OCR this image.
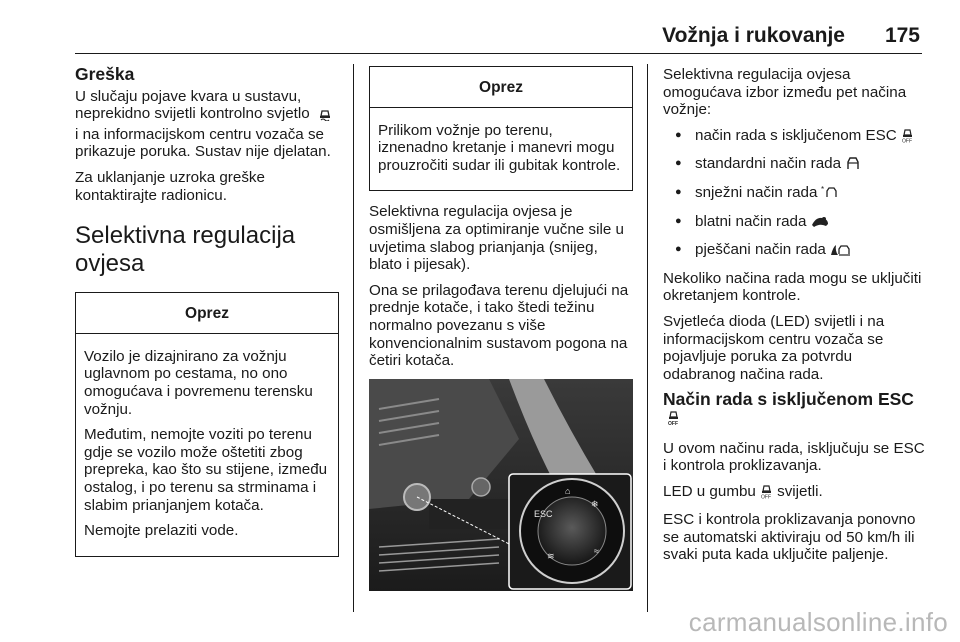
Vožnja i rukovanje 175
Greška

U slučaju pojave kvara u sustavu, neprekidno svijetli kontrolno svjetlo  i na informacijskom centru vozača se prikazuje poruka. Sustav nije djelatan.

Za uklanjanje uzroka greške kontaktirajte radionicu.

Selektivna regulacija ovjesa
Oprez

Vozilo je dizajnirano za vožnju uglavnom po cestama, no ono omogućava i povremenu terensku vožnju.

Međutim, nemojte voziti po terenu gdje se vozilo može oštetiti zbog prepreka, kao što su stijene, između ostalog, i po terenu sa strminama i slabim prianjanjem kotača.

Nemojte prelaziti vode.

Oprez

Prilikom vožnje po terenu, iznenadno kretanje i manevri mogu prouzročiti sudar ili gubitak kontrole.

Selektivna regulacija ovjesa je osmišljena za optimiranje vučne sile u uvjetima slabog prianjanja (snijeg, blato i pijesak).

Ona se prilagođava terenu djelujući na prednje kotače, i tako štedi težinu normalno povezanu s više konvencionalnim sustavom pogona na četiri kotača.

⌂
❄
ESC
≈
≋

Selektivna regulacija ovjesa omogućava izbor između pet načina vožnje:

● način rada s isključenom ESC OFF
● standardni način rada
● snježni način rada *
● blatni način rada
● pješčani način rada

Nekoliko načina rada mogu se uključiti okretanjem kontrole.

Svjetleća dioda (LED) svijetli i na informacijskom centru vozača se pojavljuje poruka za potvrdu odabranog načina rada.

Način rada s isključenom ESC
OFF

U ovom načinu rada, isključuju se ESC i kontrola proklizavanja.

LED u gumbu OFF svijetli.

ESC i kontrola proklizavanja ponovno se automatski aktiviraju od 50 km/h ili svaki puta kada uključite paljenje.

carmanualsonline.info
